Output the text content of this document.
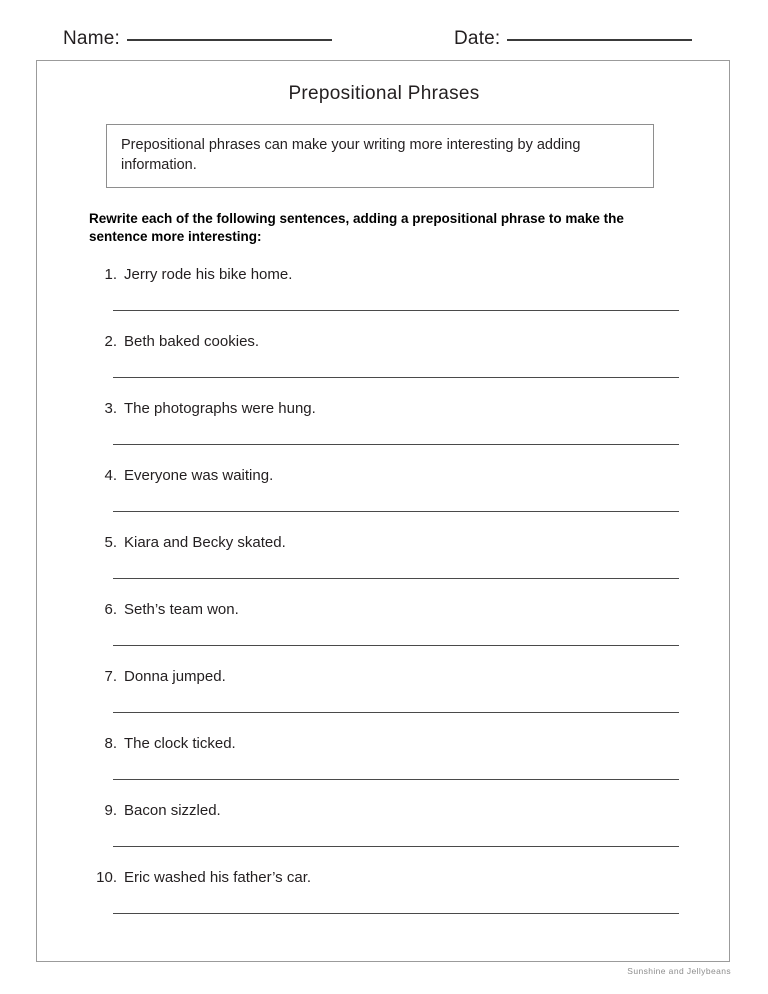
Name:	Date:
Prepositional Phrases
Prepositional phrases can make your writing more interesting by adding information.
Rewrite each of the following sentences, adding a prepositional phrase to make the sentence more interesting:
1. Jerry rode his bike home.
2. Beth baked cookies.
3. The photographs were hung.
4. Everyone was waiting.
5. Kiara and Becky skated.
6. Seth’s team won.
7. Donna jumped.
8. The clock ticked.
9. Bacon sizzled.
10. Eric washed his father’s car.
Sunshine and Jellybeans
